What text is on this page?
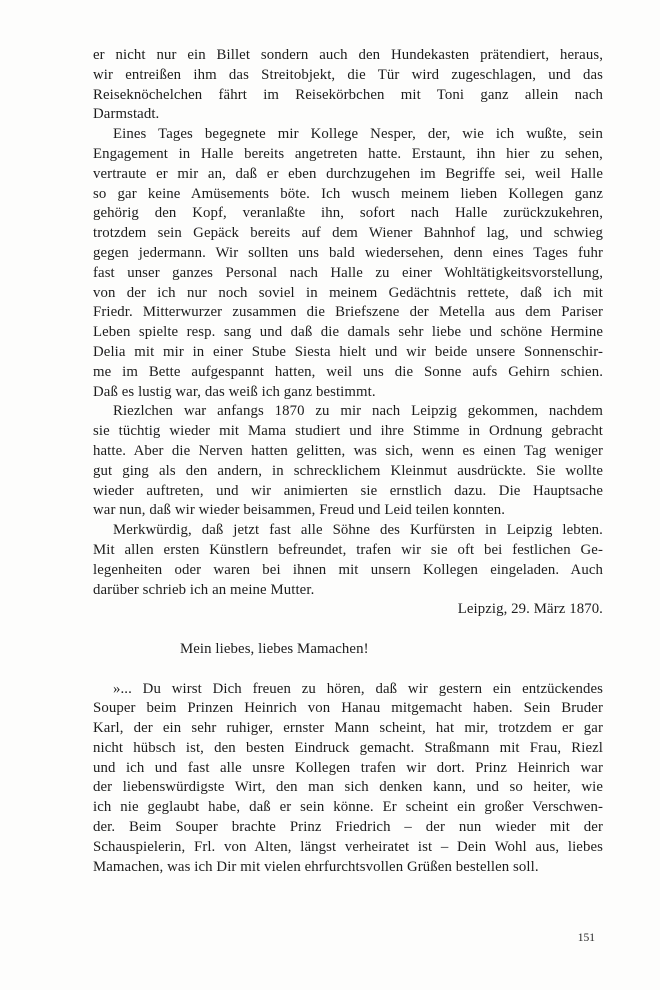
er nicht nur ein Billet sondern auch den Hundekasten prätendiert, heraus,
wir entreißen ihm das Streitobjekt, die Tür wird zugeschlagen, und das
Reiseknöchelchen fährt im Reisekörbchen mit Toni ganz allein nach
Darmstadt.
Eines Tages begegnete mir Kollege Nesper, der, wie ich wußte, sein
Engagement in Halle bereits angetreten hatte. Erstaunt, ihn hier zu sehen,
vertraute er mir an, daß er eben durchzugehen im Begriffe sei, weil Halle
so gar keine Amüsements böte. Ich wusch meinem lieben Kollegen ganz
gehörig den Kopf, veranlaßte ihn, sofort nach Halle zurückzukehren,
trotzdem sein Gepäck bereits auf dem Wiener Bahnhof lag, und schwieg
gegen jedermann. Wir sollten uns bald wiedersehen, denn eines Tages fuhr
fast unser ganzes Personal nach Halle zu einer Wohltätigkeitsvorstellung,
von der ich nur noch soviel in meinem Gedächtnis rettete, daß ich mit
Friedr. Mitterwurzer zusammen die Briefszene der Metella aus dem Pariser
Leben spielte resp. sang und daß die damals sehr liebe und schöne Hermine
Delia mit mir in einer Stube Siesta hielt und wir beide unsere Sonnenschir-
me im Bette aufgespannt hatten, weil uns die Sonne aufs Gehirn schien.
Daß es lustig war, das weiß ich ganz bestimmt.
Riezlchen war anfangs 1870 zu mir nach Leipzig gekommen, nachdem
sie tüchtig wieder mit Mama studiert und ihre Stimme in Ordnung gebracht
hatte. Aber die Nerven hatten gelitten, was sich, wenn es einen Tag weniger
gut ging als den andern, in schrecklichem Kleinmut ausdrückte. Sie wollte
wieder auftreten, und wir animierten sie ernstlich dazu. Die Hauptsache
war nun, daß wir wieder beisammen, Freud und Leid teilen konnten.
Merkwürdig, daß jetzt fast alle Söhne des Kurfürsten in Leipzig lebten.
Mit allen ersten Künstlern befreundet, trafen wir sie oft bei festlichen Ge-
legenheiten oder waren bei ihnen mit unsern Kollegen eingeladen. Auch
darüber schrieb ich an meine Mutter.
Leipzig, 29. März 1870.
Mein liebes, liebes Mamachen!
»... Du wirst Dich freuen zu hören, daß wir gestern ein entzückendes
Souper beim Prinzen Heinrich von Hanau mitgemacht haben. Sein Bruder
Karl, der ein sehr ruhiger, ernster Mann scheint, hat mir, trotzdem er gar
nicht hübsch ist, den besten Eindruck gemacht. Straßmann mit Frau, Riezl
und ich und fast alle unsre Kollegen trafen wir dort. Prinz Heinrich war
der liebenswürdigste Wirt, den man sich denken kann, und so heiter, wie
ich nie geglaubt habe, daß er sein könne. Er scheint ein großer Verschwen-
der. Beim Souper brachte Prinz Friedrich – der nun wieder mit der
Schauspielerin, Frl. von Alten, längst verheiratet ist – Dein Wohl aus, liebes
Mamachen, was ich Dir mit vielen ehrfurchtsvollen Grüßen bestellen soll.
151
